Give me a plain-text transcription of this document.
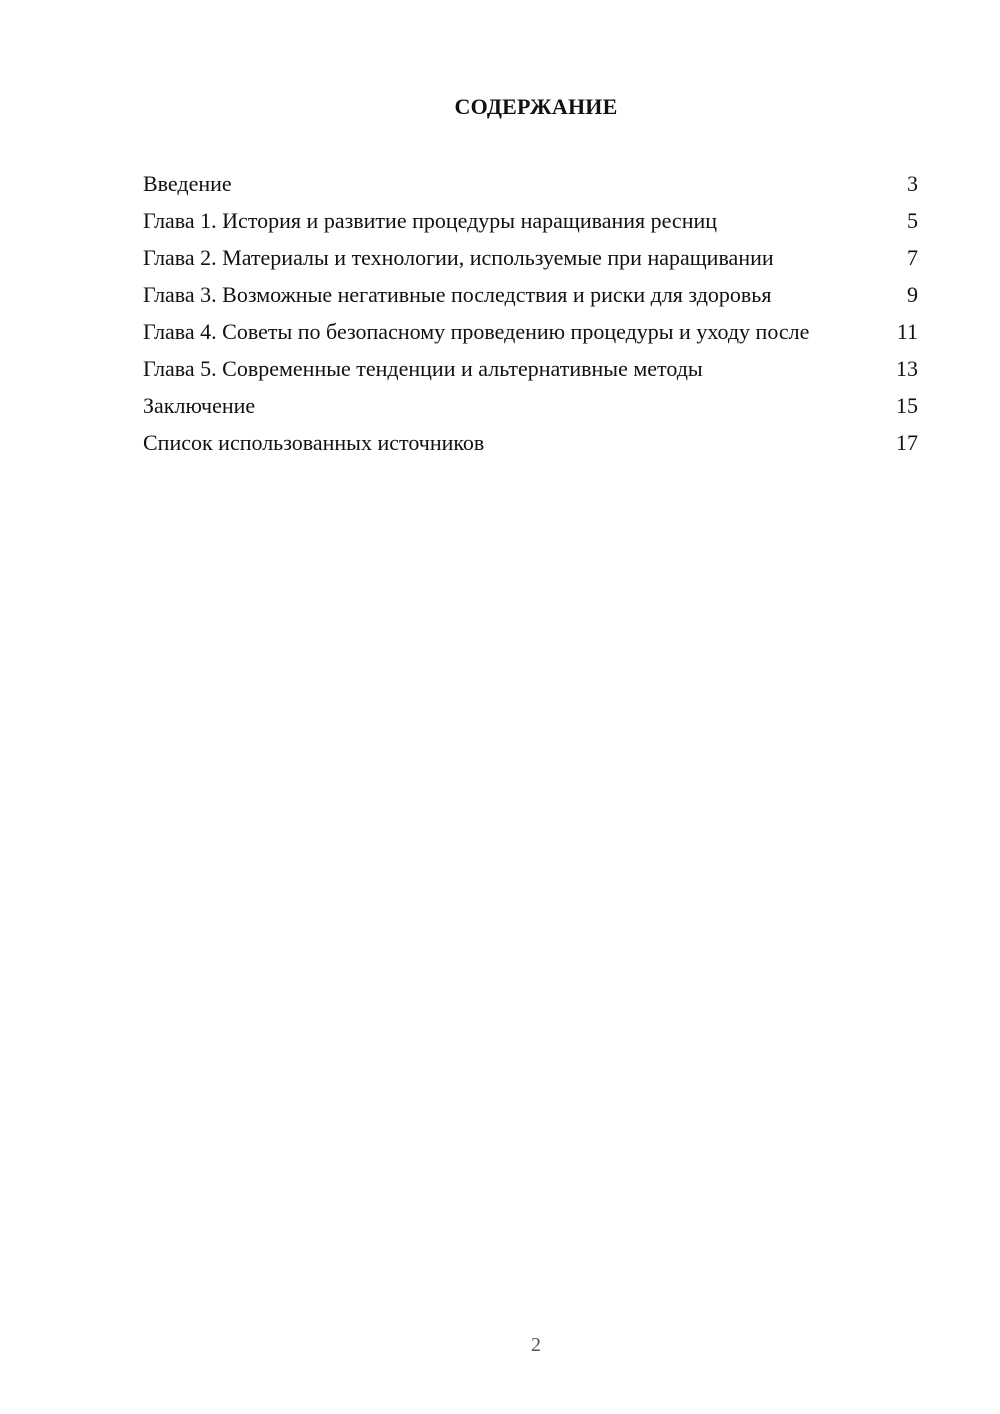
СОДЕРЖАНИЕ
Введение	3
Глава 1. История и развитие процедуры наращивания ресниц	5
Глава 2. Материалы и технологии, используемые при наращивании	7
Глава 3. Возможные негативные последствия и риски для здоровья	9
Глава 4. Советы по безопасному проведению процедуры и уходу после	11
Глава 5. Современные тенденции и альтернативные методы	13
Заключение	15
Список использованных источников	17
2
